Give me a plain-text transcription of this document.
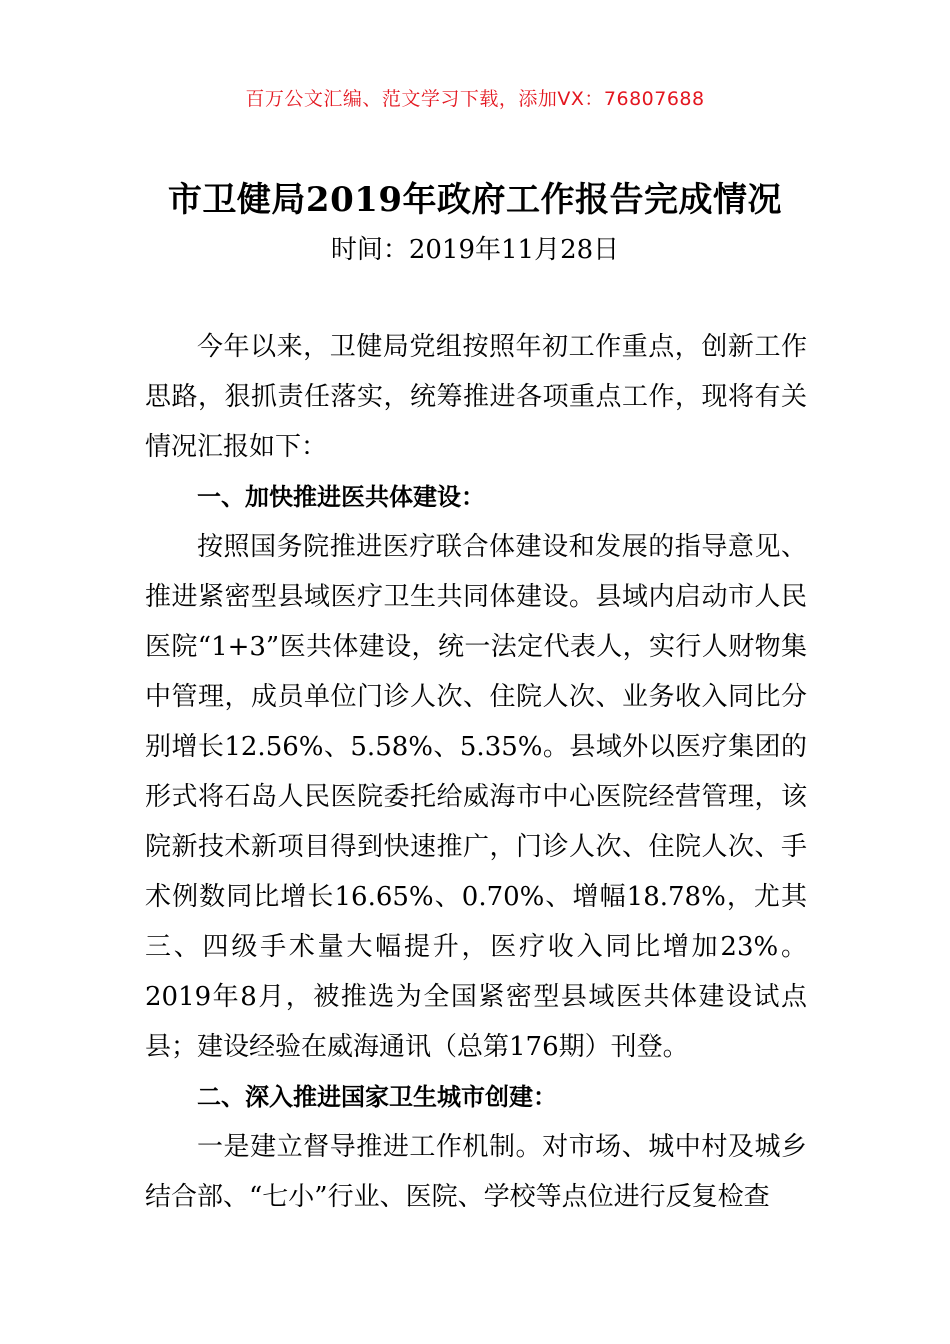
百万公文汇编、范文学习下载，添加VX：76807688
市卫健局2019年政府工作报告完成情况
时间：2019年11月28日

今年以来，卫健局党组按照年初工作重点，创新工作思路，狠抓责任落实，统筹推进各项重点工作，现将有关情况汇报如下：

一、加快推进医共体建设：

按照国务院推进医疗联合体建设和发展的指导意见、推进紧密型县域医疗卫生共同体建设。县域内启动市人民医院“1+3”医共体建设，统一法定代表人，实行人财物集中管理，成员单位门诊人次、住院人次、业务收入同比分别增长12.56%、5.58%、5.35%。县域外以医疗集团的形式将石岛人民医院委托给威海市中心医院经营管理，该院新技术新项目得到快速推广，门诊人次、住院人次、手术例数同比增长16.65%、0.70%、增幅18.78%，尤其三、四级手术量大幅提升，医疗收入同比增加23%。2019年8月，被推选为全国紧密型县域医共体建设试点县；建设经验在威海通讯（总第176期）刊登。

二、深入推进国家卫生城市创建：

一是建立督导推进工作机制。对市场、城中村及城乡结合部、“七小”行业、医院、学校等点位进行反复检查
